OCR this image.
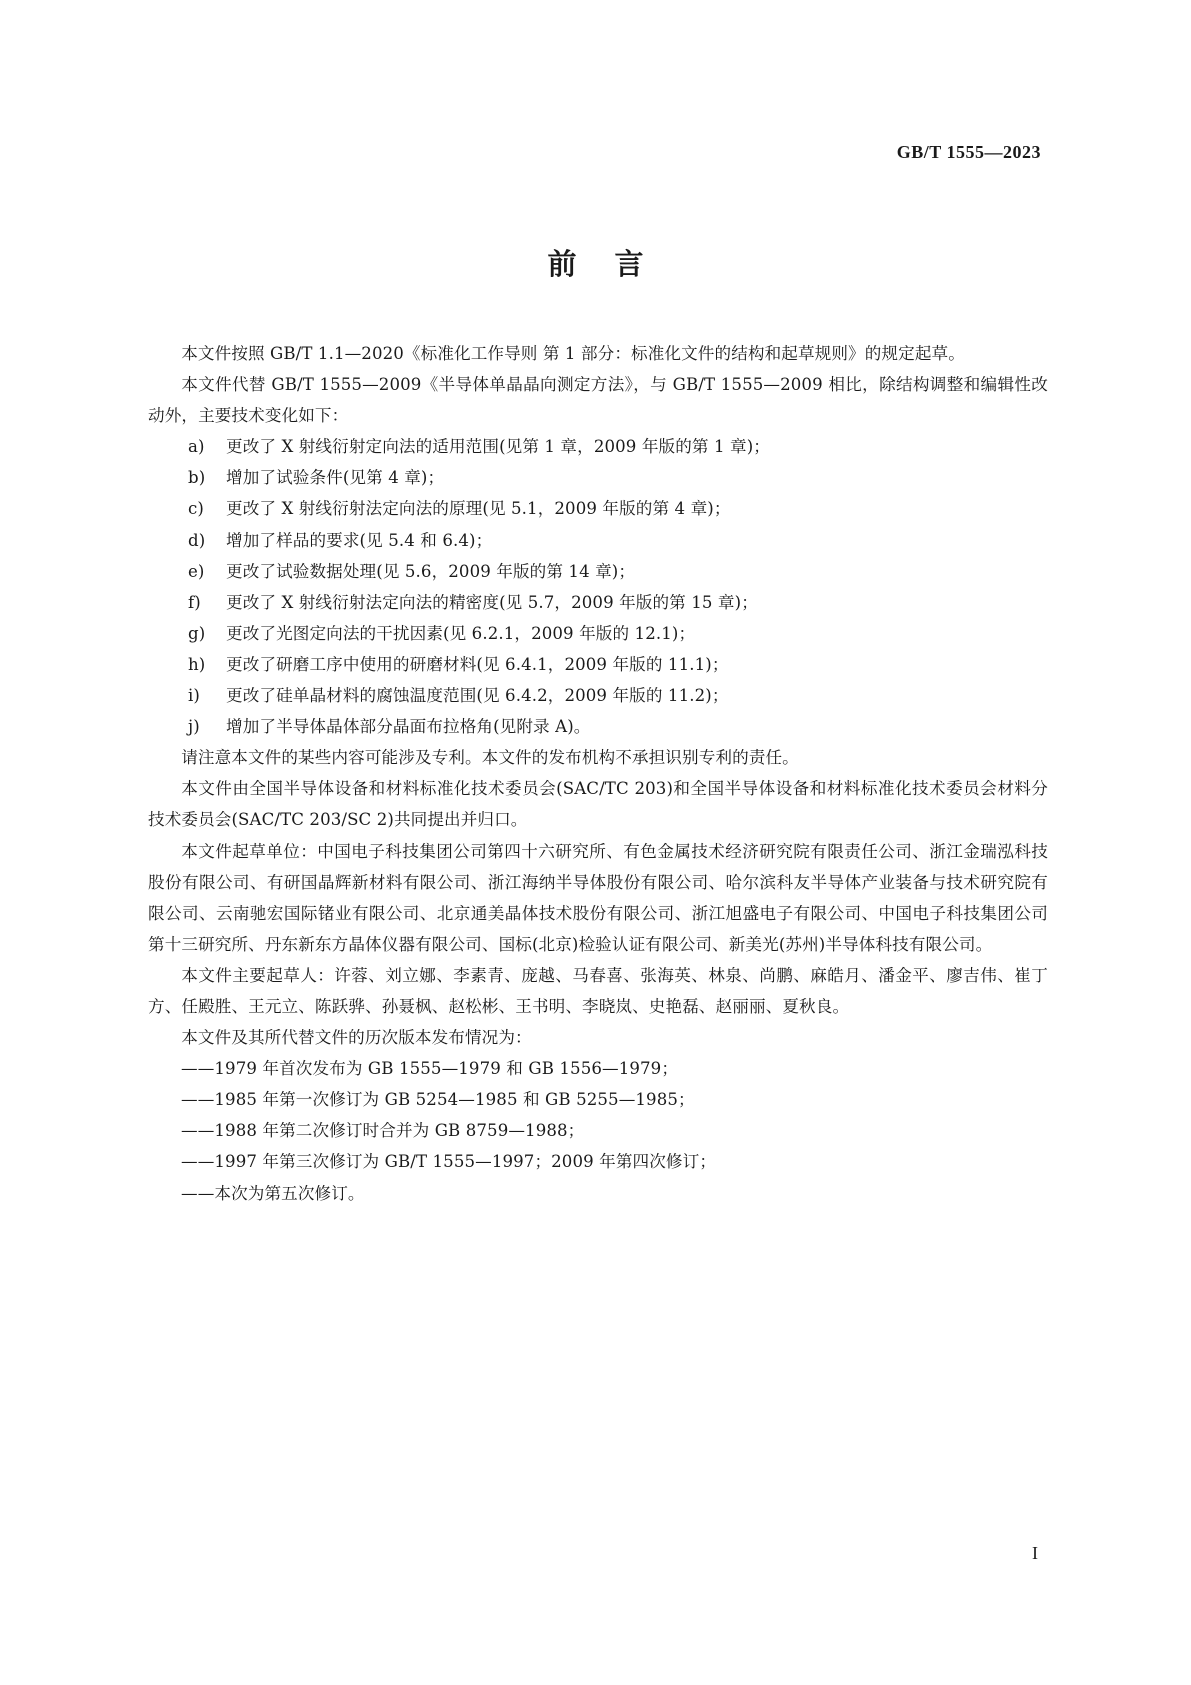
GB/T 1555—2023
前言

本文件按照 GB/T 1.1—2020《标准化工作导则 第 1 部分：标准化文件的结构和起草规则》的规定起草。

本文件代替 GB/T 1555—2009《半导体单晶晶向测定方法》，与 GB/T 1555—2009 相比，除结构调整和编辑性改动外，主要技术变化如下：

a) 更改了 X 射线衍射定向法的适用范围(见第 1 章，2009 年版的第 1 章)；
b) 增加了试验条件(见第 4 章)；
c) 更改了 X 射线衍射法定向法的原理(见 5.1，2009 年版的第 4 章)；
d) 增加了样品的要求(见 5.4 和 6.4)；
e) 更改了试验数据处理(见 5.6，2009 年版的第 14 章)；
f) 更改了 X 射线衍射法定向法的精密度(见 5.7，2009 年版的第 15 章)；
g) 更改了光图定向法的干扰因素(见 6.2.1，2009 年版的 12.1)；
h) 更改了研磨工序中使用的研磨材料(见 6.4.1，2009 年版的 11.1)；
i) 更改了硅单晶材料的腐蚀温度范围(见 6.4.2，2009 年版的 11.2)；
j) 增加了半导体晶体部分晶面布拉格角(见附录 A)。

请注意本文件的某些内容可能涉及专利。本文件的发布机构不承担识别专利的责任。

本文件由全国半导体设备和材料标准化技术委员会(SAC/TC 203)和全国半导体设备和材料标准化技术委员会材料分技术委员会(SAC/TC 203/SC 2)共同提出并归口。

本文件起草单位：中国电子科技集团公司第四十六研究所、有色金属技术经济研究院有限责任公司、浙江金瑞泓科技股份有限公司、有研国晶辉新材料有限公司、浙江海纳半导体股份有限公司、哈尔滨科友半导体产业装备与技术研究院有限公司、云南驰宏国际锗业有限公司、北京通美晶体技术股份有限公司、浙江旭盛电子有限公司、中国电子科技集团公司第十三研究所、丹东新东方晶体仪器有限公司、国标(北京)检验认证有限公司、新美光(苏州)半导体科技有限公司。

本文件主要起草人：许蓉、刘立娜、李素青、庞越、马春喜、张海英、林泉、尚鹏、麻皓月、潘金平、廖吉伟、崔丁方、任殿胜、王元立、陈跃骅、孙聂枫、赵松彬、王书明、李晓岚、史艳磊、赵丽丽、夏秋良。

本文件及其所代替文件的历次版本发布情况为：

——1979 年首次发布为 GB 1555—1979 和 GB 1556—1979；
——1985 年第一次修订为 GB 5254—1985 和 GB 5255—1985；
——1988 年第二次修订时合并为 GB 8759—1988；
——1997 年第三次修订为 GB/T 1555—1997；2009 年第四次修订；
——本次为第五次修订。
I
